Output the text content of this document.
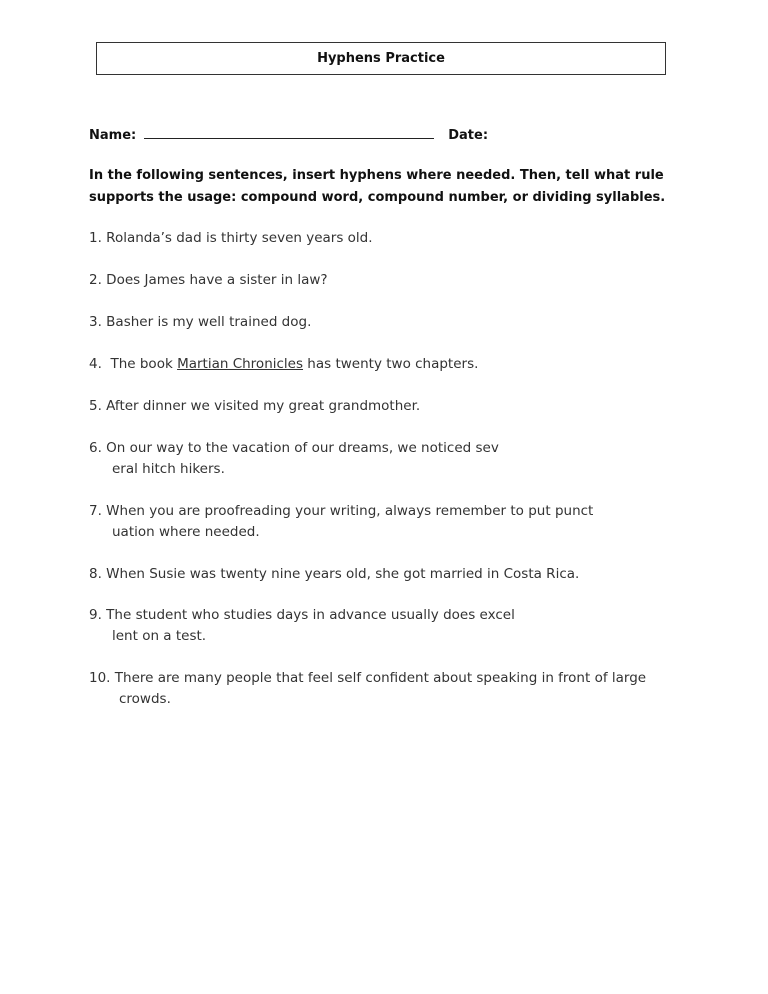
Hyphens Practice
Name:	Date:
In the following sentences, insert hyphens where needed. Then, tell what rule supports the usage: compound word, compound number, or dividing syllables.
1. Rolanda’s dad is thirty seven years old.
2. Does James have a sister in law?
3. Basher is my well trained dog.
4.  The book Martian Chronicles has twenty two chapters.
5. After dinner we visited my great grandmother.
6. On our way to the vacation of our dreams, we noticed sev
eral hitch hikers.
7. When you are proofreading your writing, always remember to put punct
uation where needed.
8. When Susie was twenty nine years old, she got married in Costa Rica.
9. The student who studies days in advance usually does excel
lent on a test.
10. There are many people that feel self confident about speaking in front of large
crowds.
